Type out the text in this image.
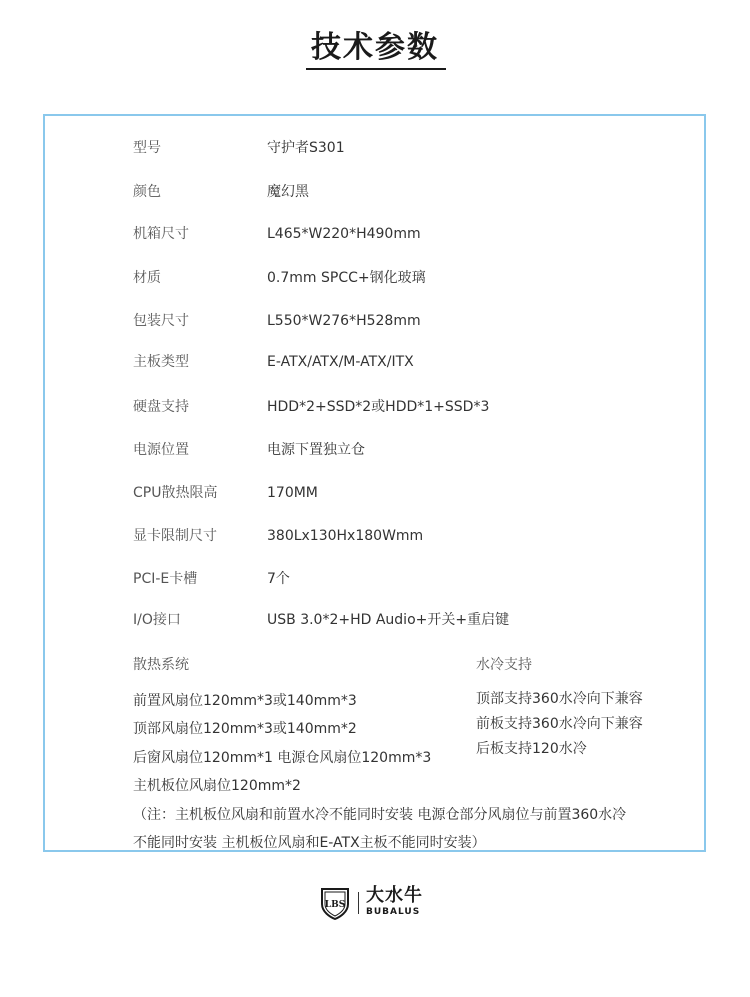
技术参数
型号	守护者S301
颜色	魔幻黑
机箱尺寸	L465*W220*H490mm
材质	0.7mm SPCC+钢化玻璃
包装尺寸	L550*W276*H528mm
主板类型	E-ATX/ATX/M-ATX/ITX
硬盘支持	HDD*2+SSD*2或HDD*1+SSD*3
电源位置	电源下置独立仓
CPU散热限高	170MM
显卡限制尺寸	380Lx130Hx180Wmm
PCI-E卡槽	7个
I/O接口	USB 3.0*2+HD Audio+开关+重启键
散热系统
前置风扇位120mm*3或140mm*3
顶部风扇位120mm*3或140mm*2
后窗风扇位120mm*1 电源仓风扇位120mm*3
主机板位风扇位120mm*2
水冷支持
顶部支持360水冷向下兼容
前板支持360水冷向下兼容
后板支持120水冷
（注：主机板位风扇和前置水冷不能同时安装 电源仓部分风扇位与前置360水冷
不能同时安装 主机板位风扇和E-ATX主板不能同时安装）
LBS 大水牛
BUBALUS
